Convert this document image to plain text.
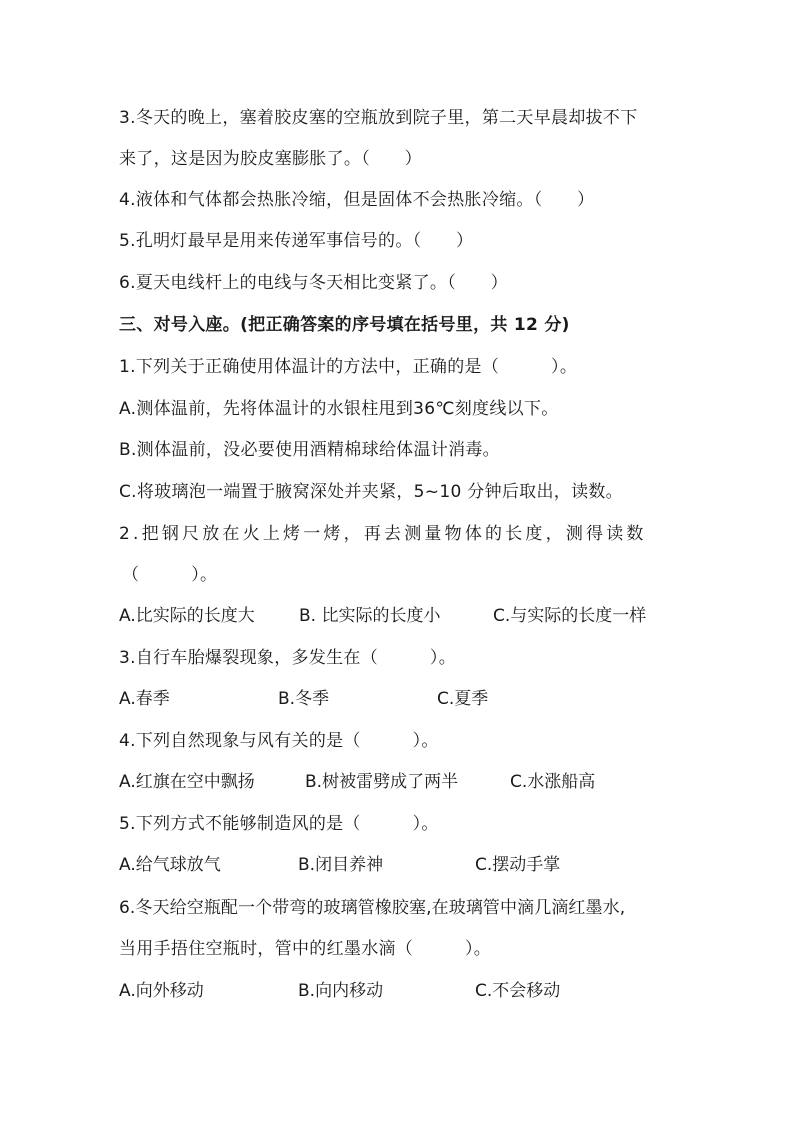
3.冬天的晚上，塞着胶皮塞的空瓶放到院子里，第二天早晨却拔不下
来了，这是因为胶皮塞膨胀了。（　　）
4.液体和气体都会热胀冷缩，但是固体不会热胀冷缩。（　　）
5.孔明灯最早是用来传递军事信号的。（　　）
6.夏天电线杆上的电线与冬天相比变紧了。（　　）
三、对号入座。(把正确答案的序号填在括号里，共 12 分)
1.下列关于正确使用体温计的方法中，正确的是（　　　）。
A.测体温前，先将体温计的水银柱甩到36℃刻度线以下。
B.测体温前，没必要使用酒精棉球给体温计消毒。
C.将玻璃泡一端置于腋窝深处并夹紧，5~10 分钟后取出，读数。
2.把钢尺放在火上烤一烤，再去测量物体的长度，测得读数
（　　　）。
A.比实际的长度大	B. 比实际的长度小	C.与实际的长度一样
3.自行车胎爆裂现象，多发生在（　　　）。
A.春季	B.冬季	C.夏季
4.下列自然现象与风有关的是（　　　）。
A.红旗在空中飘扬	B.树被雷劈成了两半	C.水涨船高
5.下列方式不能够制造风的是（　　　）。
A.给气球放气	B.闭目养神	C.摆动手掌
6.冬天给空瓶配一个带弯的玻璃管橡胶塞,在玻璃管中滴几滴红墨水,
当用手捂住空瓶时，管中的红墨水滴（　　　）。
A.向外移动	B.向内移动	C.不会移动
